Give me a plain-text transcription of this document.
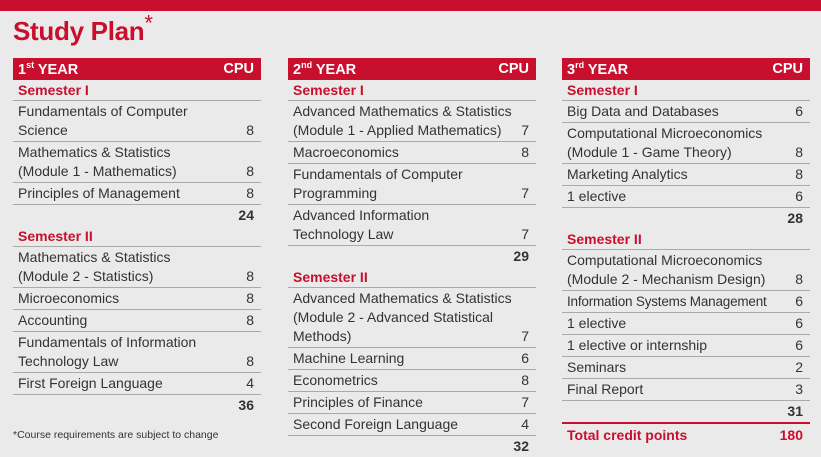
Study Plan*
1st YEAR	CPU
Semester I
Fundamentals of Computer Science	8
Mathematics & Statistics (Module 1 - Mathematics)	8
Principles of Management	8
24
Semester II
Mathematics & Statistics (Module 2 - Statistics)	8
Microeconomics	8
Accounting	8
Fundamentals of Information Technology Law	8
First Foreign Language	4
36
2nd YEAR	CPU
Semester I
Advanced Mathematics & Statistics (Module 1 - Applied Mathematics)	7
Macroeconomics	8
Fundamentals of Computer Programming	7
Advanced Information Technology Law	7
29
Semester II
Advanced Mathematics & Statistics (Module 2 - Advanced Statistical Methods)	7
Machine Learning	6
Econometrics	8
Principles of Finance	7
Second Foreign Language	4
32
3rd YEAR	CPU
Semester I
Big Data and Databases	6
Computational Microeconomics (Module 1 - Game Theory)	8
Marketing Analytics	8
1 elective	6
28
Semester II
Computational Microeconomics (Module 2 - Mechanism Design)	8
Information Systems Management	6
1 elective	6
1 elective or internship	6
Seminars	2
Final Report	3
31
Total credit points	180
*Course requirements are subject to change
